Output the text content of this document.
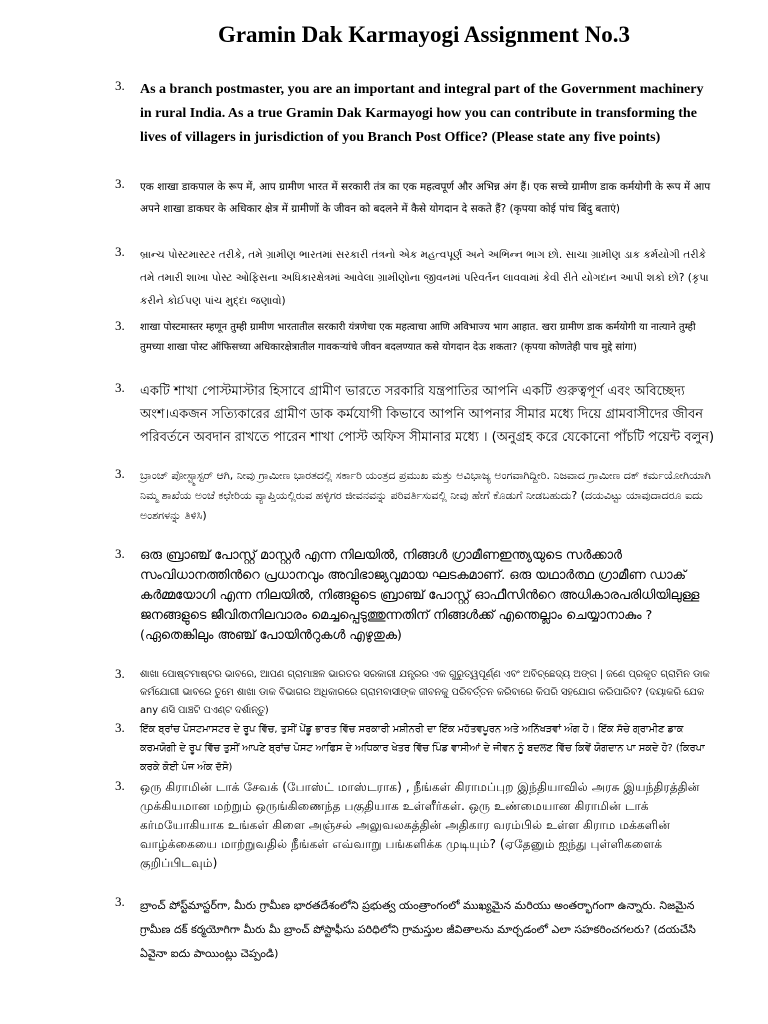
Gramin Dak Karmayogi Assignment No.3
3. As a branch postmaster, you are an important and integral part of the Government machinery in rural India. As a true Gramin Dak Karmayogi how you can contribute in transforming the lives of villagers in jurisdiction of you Branch Post Office? (Please state any five points)
3. एक शाखा डाकपाल के रूप में, आप ग्रामीण भारत में सरकारी तंत्र का एक महत्वपूर्ण और अभिन्न अंग हैं। एक सच्चे ग्रामीण डाक कर्मयोगी के रूप में आप अपने शाखा डाकघर के अधिकार क्षेत्र में ग्रामीणों के जीवन को बदलने में कैसे योगदान दे सकते हैं? (कृपया कोई पांच बिंदु बताएं)
3. બ્રાન્ચ પોસ્ટમાસ્ટર તરીકે, તમે ગ્રામીણ ભારતમાં સરકારી તંત્રનો એક મહત્વપૂર્ણ અને અભિન્ન ભાગ છો. સાચા ગ્રામીણ ડાક કર્મયોગી તરીકે તમે તમારી શાખા પોસ્ટ ઓફિસના અધિકારક્ષેત્રમાં આવેલા ગ્રામીણોના જીવનમાં પરિવર્તન લાવવામાં કેવી રીતે યોગદાન આપી શકો છો? (કૃપા કરીને કોઈપણ પાંચ મુદ્દા જણાવો)
3. शाखा पोस्टमास्तर म्हणून तुम्ही ग्रामीण भारतातील सरकारी यंत्रणेचा एक महत्वाचा आणि अविभाज्य भाग आहात. खरा ग्रामीण डाक कर्मयोगी या नात्याने तुम्ही तुमच्या शाखा पोस्ट ऑफिसच्या अधिकारक्षेत्रातील गावकऱ्यांचे जीवन बदलण्यात कसे योगदान देऊ शकता? (कृपया कोणतेही पाच मुद्दे सांगा)
3. একটি শাখা পোস্টমাস্টার হিসাবে গ্রামীণ ভারতে সরকারি যন্ত্রপাতির আপনি একটি গুরুত্বপূর্ণ এবং অবিচ্ছেদ্য অংশ।একজন সত্যিকারের গ্রামীণ ডাক কর্মযোগী কিভাবে আপনি আপনার সীমার মধ্যে দিয়ে গ্রামবাসীদের জীবন পরিবর্তনে অবদান রাখতে পারেন শাখা পোস্ট অফিস সীমানার মধ্যে । (অনুগ্রহ করে যেকোনো পাঁচটি পয়েন্ট বলুন)
3. ಬ್ರಾಂಚ್ ಪೋಸ್ಟ್ಮಾಸ್ಟರ್ ಆಗಿ, ನೀವು ಗ್ರಾಮೀಣ ಭಾರತದಲ್ಲಿ ಸರ್ಕಾರಿ ಯಂತ್ರದ ಪ್ರಮುಖ ಮತ್ತು ಅವಿಭಾಜ್ಯ ಅಂಗವಾಗಿದ್ದೀರಿ. ನಿಜವಾದ ಗ್ರಾಮೀಣ ದಕ್ ಕರ್ಮಯೋಗಿಯಾಗಿ ನಿಮ್ಮ ಶಾಖೆಯ ಅಂಚೆ ಕಛೇರಿಯ ವ್ಯಾಪ್ತಿಯಲ್ಲಿರುವ ಹಳ್ಳಿಗರ ಜೀವನವನ್ನು ಪರಿವರ್ತಿಸುವಲ್ಲಿ ನೀವು ಹೇಗೆ ಕೊಡುಗೆ ನೀಡಬಹುದು? (ದಯವಿಟ್ಟು ಯಾವುದಾದರೂ ಐದು ಅಂಶಗಳನ್ನು ತಿಳಿಸಿ)
3. ഒരു ബ്രാഞ്ച് പോസ്റ്റ് മാസ്റ്റർ എന്ന നിലയിൽ, നിങ്ങൾ ഗ്രാമീണഇന്ത്യയുടെ സർക്കാർ സംവിധാനത്തിൻറെ പ്രധാനവും അവിഭാജ്യവുമായ ഘടകമാണ്. ഒരു യഥാർത്ഥ ഗ്രാമീണ ഡാക് കർമ്മയോഗി എന്ന നിലയിൽ, നിങ്ങളുടെ ബ്രാഞ്ച് പോസ്റ്റ് ഓഫീസിൻറെ അധികാരപരിധിയിലുള്ള ജനങ്ങളുടെ ജീവിതനിലവാരം മെച്ചപ്പെടുത്തുന്നതിന് നിങ്ങൾക്ക് എന്തെല്ലാം ചെയ്യാനാകും ? (ഏതെങ്കിലും അഞ്ച് പോയിൻറുകൾ എഴുതുക)
3. ଶାଖା ପୋଷ୍ଟମାଷ୍ଟର ଭାବରେ, ଆପଣ ଗ୍ରାମାଞ୍ଚଳ ଭାରତର ସରକାରୀ ଯନ୍ତ୍ରର ଏକ ଗୁରୁତ୍ୱପୂର୍ଣ୍ଣ ଏବଂ ଅବିଚ୍ଛେଦ୍ୟ ଅଙ୍ଗ | ଜଣେ ପ୍ରକୃତ ଗ୍ରାମିନ ଡାକ କର୍ମଯୋଗୀ ଭାବରେ ତୁମେ ଶାଖା ଡାକ ବିଭାଗର ଅଧିକାରରେ ଗ୍ରାମବାସୀଙ୍କ ଜୀବନକୁ ପରିବର୍ତ୍ତନ କରିବାରେ କିପରି ସହଯୋଗ କରିପାରିବ? (ଦୟାକରି ଯେକ any ଣସି ପାଞ୍ଚଟି ପଏଣ୍ଟ ଦର୍ଶାନ୍ତୁ)
3. ਇੱਕ ਬ੍ਰਾਂਚ ਪੋਸਟਮਾਸਟਰ ਦੇ ਰੂਪ ਵਿੱਚ, ਤੁਸੀਂ ਪੇਂਡੂ ਭਾਰਤ ਵਿੱਚ ਸਰਕਾਰੀ ਮਸ਼ੀਨਰੀ ਦਾ ਇੱਕ ਮਹੱਤਵਪੂਰਨ ਅਤੇ ਅਨਿੱਖੜਵਾਂ ਅੰਗ ਹੋ। ਇੱਕ ਸੱਚੇ ਗ੍ਰਾਮੀਣ ਡਾਕ ਕਰਮਯੋਗੀ ਦੇ ਰੂਪ ਵਿੱਚ ਤੁਸੀਂ ਆਪਣੇ ਬ੍ਰਾਂਚ ਪੋਸਟ ਆਫਿਸ ਦੇ ਅਧਿਕਾਰ ਖੇਤਰ ਵਿੱਚ ਪਿੰਡ ਵਾਸੀਆਂ ਦੇ ਜੀਵਨ ਨੂੰ ਬਦਲਣ ਵਿੱਚ ਕਿਵੇਂ ਯੋਗਦਾਨ ਪਾ ਸਕਦੇ ਹੋ? (ਕਿਰਪਾ ਕਰਕੇ ਕੋਈ ਪੰਜ ਅੰਕ ਦੱਸੋ)
3. ஒரு கிராமின் டாக் சேவக் (போஸ்ட் மாஸ்டராக) , நீங்கள் கிராமப்புற இந்தியாவில் அரசு இயந்திரத்தின் முக்கியமான மற்றும் ஒருங்கிணைந்த பகுதியாக உள்ளீர்கள். ஒரு உண்மையான கிராமின் டாக் கர்மயோகியாக உங்கள் கிளை அஞ்சல் அலுவலகத்தின் அதிகார வரம்பில் உள்ள கிராம மக்களின் வாழ்க்கையை மாற்றுவதில் நீங்கள் எவ்வாறு பங்களிக்க முடியும்? (ஏதேனும் ஐந்து புள்ளிகளைக் குறிப்பிடவும்)
3. బ్రాంచ్ పోస్ట్‌మాస్టర్‌గా, మీరు గ్రామీణ భారతదేశంలోని ప్రభుత్వ యంత్రాంగంలో ముఖ్యమైన మరియు అంతర్భాగంగా ఉన్నారు. నిజమైన గ్రామీణ దక్ కర్మయోగిగా మీరు మీ బ్రాంచ్ పోస్టాఫీసు పరిధిలోని గ్రామస్తుల జీవితాలను మార్చడంలో ఎలా సహకరించగలరు? (దయచేసి ఏవైనా ఐదు పాయింట్లు చెప్పండి)
